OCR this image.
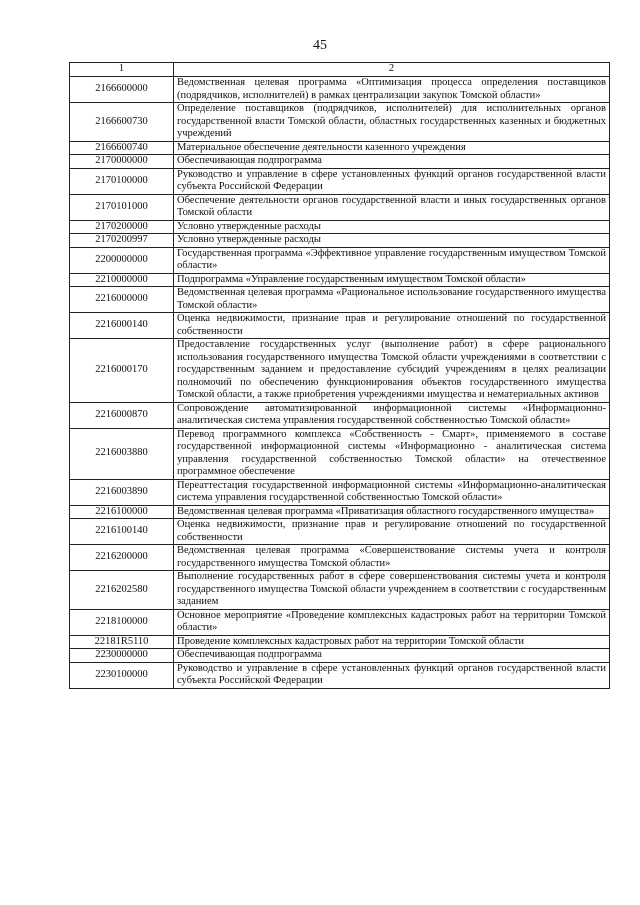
45
1	2
2166600000	Ведомственная целевая программа «Оптимизация процесса определения поставщиков (подрядчиков, исполнителей) в рамках централизации закупок Томской области»
2166600730	Определение поставщиков (подрядчиков, исполнителей) для исполнительных органов государственной власти Томской области, областных государственных казенных и бюджетных учреждений
2166600740	Материальное обеспечение деятельности казенного учреждения
2170000000	Обеспечивающая подпрограмма
2170100000	Руководство и управление в сфере установленных функций органов государственной власти субъекта Российской Федерации
2170101000	Обеспечение деятельности органов государственной власти и иных государственных органов Томской области
2170200000	Условно утвержденные расходы
2170200997	Условно утвержденные расходы
2200000000	Государственная программа «Эффективное управление государственным имуществом Томской области»
2210000000	Подпрограмма «Управление государственным имуществом Томской области»
2216000000	Ведомственная целевая программа «Рациональное использование государственного имущества Томской области»
2216000140	Оценка недвижимости, признание прав и регулирование отношений по государственной собственности
2216000170	Предоставление государственных услуг (выполнение работ) в сфере рационального использования государственного имущества Томской области учреждениями в соответствии с государственным заданием и предоставление субсидий учреждениям в целях реализации полномочий по обеспечению функционирования объектов государственного имущества Томской области, а также приобретения учреждениями имущества и нематериальных активов
2216000870	Сопровождение автоматизированной информационной системы «Информационно-аналитическая система управления государственной собственностью Томской области»
2216003880	Перевод программного комплекса «Собственность - Смарт», применяемого в составе государственной информационной системы «Информационно - аналитическая система управления государственной собственностью Томской области» на отечественное программное обеспечение
2216003890	Переаттестация государственной информационной системы «Информационно-аналитическая система управления государственной собственностью Томской области»
2216100000	Ведомственная целевая программа «Приватизация областного государственного имущества»
2216100140	Оценка недвижимости, признание прав и регулирование отношений по государственной собственности
2216200000	Ведомственная целевая программа «Совершенствование системы учета и контроля государственного имущества Томской области»
2216202580	Выполнение государственных работ в сфере совершенствования системы учета и контроля государственного имущества Томской области учреждением в соответствии с государственным заданием
2218100000	Основное мероприятие «Проведение комплексных кадастровых работ на территории Томской области»
22181R5110	Проведение комплексных кадастровых работ на территории Томской области
2230000000	Обеспечивающая подпрограмма
2230100000	Руководство и управление в сфере установленных функций органов государственной власти субъекта Российской Федерации
